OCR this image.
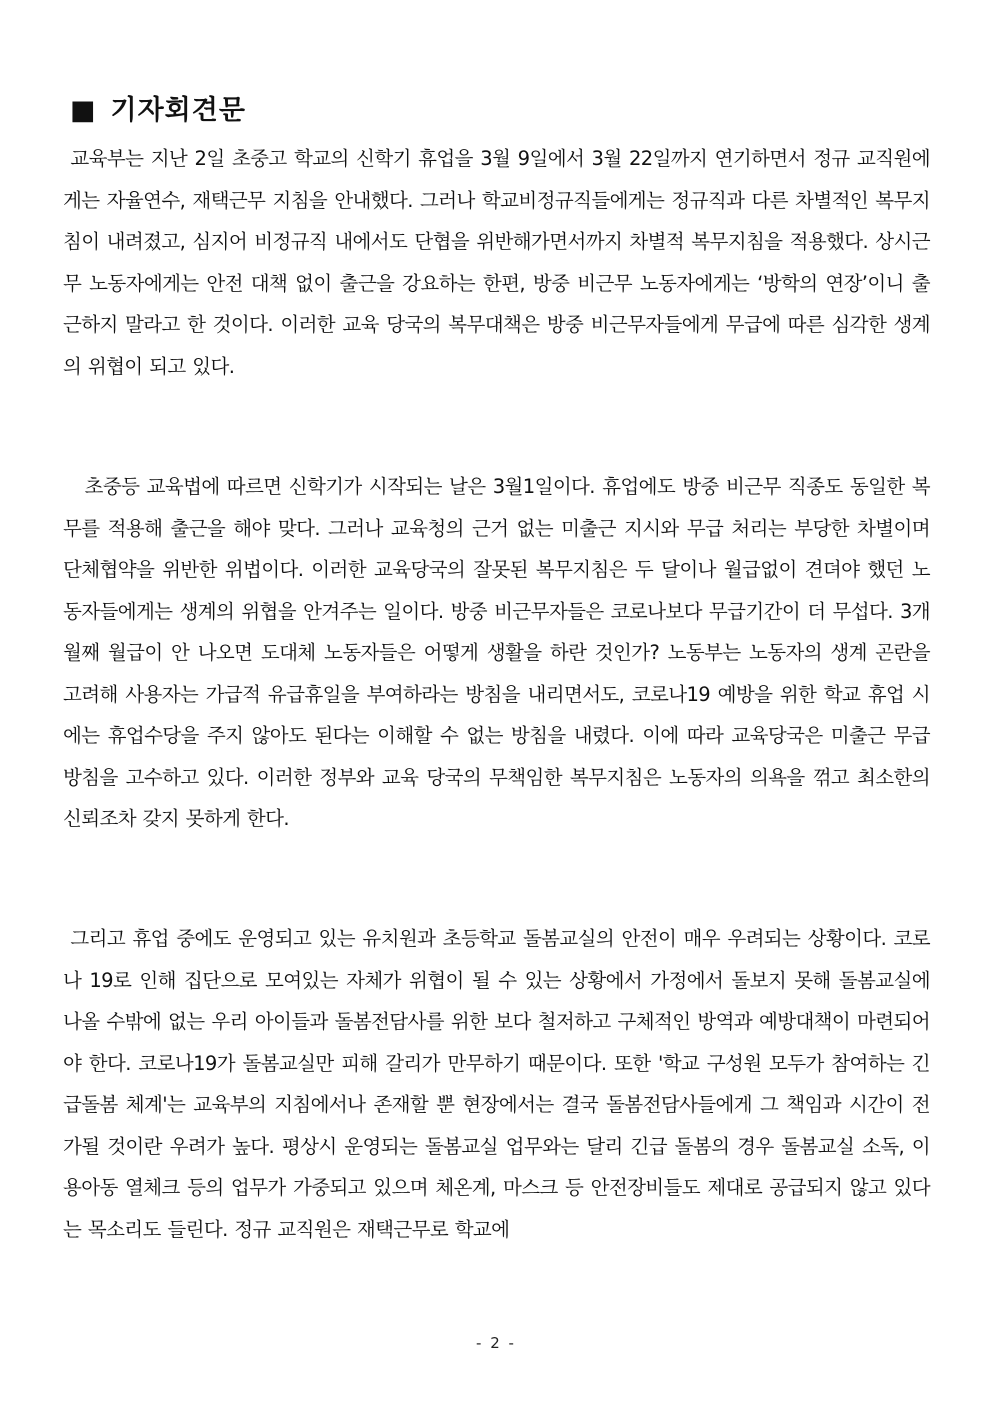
■ 기자회견문

교육부는 지난 2일 초중고 학교의 신학기 휴업을 3월 9일에서 3월 22일까지 연기하면서 정규 교직원에게는 자율연수, 재택근무 지침을 안내했다. 그러나 학교비정규직들에게는 정규직과 다른 차별적인 복무지침이 내려졌고, 심지어 비정규직 내에서도 단협을 위반해가면서까지 차별적 복무지침을 적용했다. 상시근무 노동자에게는 안전 대책 없이 출근을 강요하는 한편, 방중 비근무 노동자에게는 ‘방학의 연장’이니 출근하지 말라고 한 것이다. 이러한 교육 당국의 복무대책은 방중 비근무자들에게 무급에 따른 심각한 생계의 위협이 되고 있다.

초중등 교육법에 따르면 신학기가 시작되는 날은 3월1일이다. 휴업에도 방중 비근무 직종도 동일한 복무를 적용해 출근을 해야 맞다. 그러나 교육청의 근거 없는 미출근 지시와 무급 처리는 부당한 차별이며 단체협약을 위반한 위법이다. 이러한 교육당국의 잘못된 복무지침은 두 달이나 월급없이 견뎌야 했던 노동자들에게는 생계의 위협을 안겨주는 일이다. 방중 비근무자들은 코로나보다 무급기간이 더 무섭다. 3개월째 월급이 안 나오면 도대체 노동자들은 어떻게 생활을 하란 것인가? 노동부는 노동자의 생계 곤란을 고려해 사용자는 가급적 유급휴일을 부여하라는 방침을 내리면서도, 코로나19 예방을 위한 학교 휴업 시에는 휴업수당을 주지 않아도 된다는 이해할 수 없는 방침을 내렸다. 이에 따라 교육당국은 미출근 무급 방침을 고수하고 있다. 이러한 정부와 교육 당국의 무책임한 복무지침은 노동자의 의욕을 꺾고 최소한의 신뢰조차 갖지 못하게 한다.

그리고 휴업 중에도 운영되고 있는 유치원과 초등학교 돌봄교실의 안전이 매우 우려되는 상황이다. 코로나 19로 인해 집단으로 모여있는 자체가 위협이 될 수 있는 상황에서 가정에서 돌보지 못해 돌봄교실에 나올 수밖에 없는 우리 아이들과 돌봄전담사를 위한 보다 철저하고 구체적인 방역과 예방대책이 마련되어야 한다. 코로나19가 돌봄교실만 피해 갈리가 만무하기 때문이다. 또한 '학교 구성원 모두가 참여하는 긴급돌봄 체계'는 교육부의 지침에서나 존재할 뿐 현장에서는 결국 돌봄전담사들에게 그 책임과 시간이 전가될 것이란 우려가 높다. 평상시 운영되는 돌봄교실 업무와는 달리 긴급 돌봄의 경우 돌봄교실 소독, 이용아동 열체크 등의 업무가 가중되고 있으며 체온계, 마스크 등 안전장비들도 제대로 공급되지 않고 있다는 목소리도 들린다. 정규 교직원은 재택근무로 학교에

- 2 -
